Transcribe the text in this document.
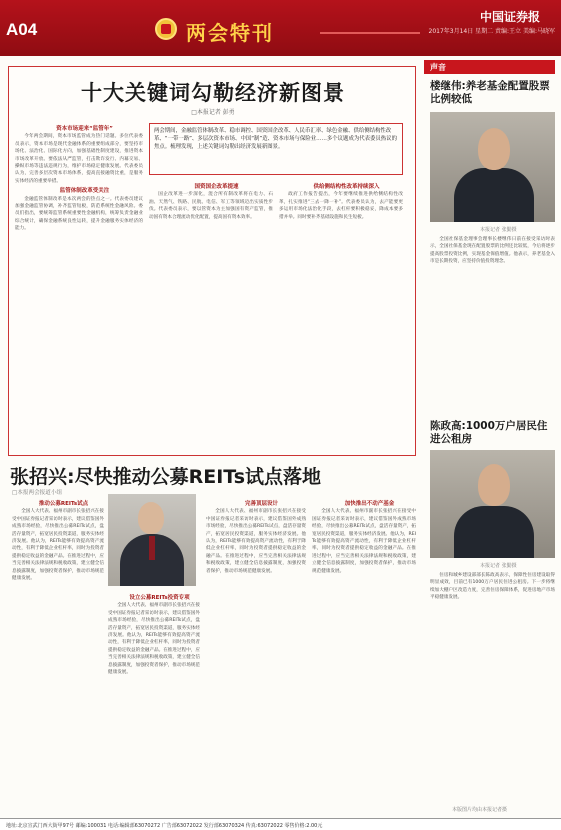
A04	两会特刊
中国证券报
2017年3月14日 星期二 责编:王立 美编:马晓军
十大关键词勾勒经济新图景
□本报记者 彭勇
两会期间，金融监管体制改革、稳市调控、国资国企改革、人民币汇率、绿色金融、供给侧结构性改革、“一带一路”、多层次资本市场、中国“制”造、资本市场与保险业……多个议题成为代表委员热议的焦点。梳理发现，上述关键词勾勒出经济发展新图景。

资本市场迎来“监管年”

今年两会期间，资本市场监管成为热门话题。多位代表委员表示，资本市场是现代金融体系的重要组成部分，要坚持市场化、法治化、国际化方向，加强基础性制度建设，推进资本市场改革开放。要依法从严监管，打击欺诈发行、内幕交易、操纵市场等违法违规行为，维护市场稳定健康发展。代表委员认为，完善多层次资本市场体系，提高直接融资比重，是服务实体经济的重要举措。

监管体制改革受关注

金融监管体制改革是本次两会的热点之一。代表委员建议加强金融监管协调，补齐监管短板，防范系统性金融风险。委员们指出，要统筹监管系统重要性金融机构，统筹负责金融业综合统计，确保金融系统良性运转，提升金融服务实体经济的能力。

国资国企改革提速

国企改革进一步深化，混合所有制改革将在电力、石油、天然气、铁路、民航、电信、军工等领域迈出实质性步伐。代表委员表示，要以管资本为主加强国有资产监管，推动国有资本合理流动优化配置，提高国有资本效率。

供给侧结构性改革持续深入

政府工作报告提出，今年要继续推进供给侧结构性改革，扎实推进“三去一降一补”。代表委员认为，去产能要更多运用市场化法治化手段，去杠杆要积极稳妥，降成本要多措并举。同时要补齐基础设施和民生短板。

张招兴:尽快推动公募REITs试点落地
□本报两会报道小组

推动公募REITs试点

全国人大代表、福州市副市长张招兴在接受中国证券报记者采访时表示，建议借鉴国外成熟市场经验，尽快推出公募REITs试点，盘活存量资产，拓宽居民投资渠道，服务实体经济发展。他认为，REITs能够有效提高资产流动性，有利于降低企业杠杆率，同时为投资者提供稳定收益的金融产品。在推进过程中，应当完善相关法律法规和税收政策，建立健全信息披露制度，加强投资者保护，推动市场规范健康发展。

设立公募REITs投资专项

全国人大代表、福州市副市长张招兴在接受中国证券报记者采访时表示，建议借鉴国外成熟市场经验，尽快推出公募REITs试点，盘活存量资产，拓宽居民投资渠道，服务实体经济发展。他认为，REITs能够有效提高资产流动性，有利于降低企业杠杆率，同时为投资者提供稳定收益的金融产品。在推进过程中，应当完善相关法律法规和税收政策，建立健全信息披露制度，加强投资者保护，推动市场规范健康发展。

完善顶层设计

全国人大代表、福州市副市长张招兴在接受中国证券报记者采访时表示，建议借鉴国外成熟市场经验，尽快推出公募REITs试点，盘活存量资产，拓宽居民投资渠道，服务实体经济发展。他认为，REITs能够有效提高资产流动性，有利于降低企业杠杆率，同时为投资者提供稳定收益的金融产品。在推进过程中，应当完善相关法律法规和税收政策，建立健全信息披露制度，加强投资者保护，推动市场规范健康发展。

加快推出不动产基金

全国人大代表、福州市副市长张招兴在接受中国证券报记者采访时表示，建议借鉴国外成熟市场经验，尽快推出公募REITs试点，盘活存量资产，拓宽居民投资渠道，服务实体经济发展。他认为，REITs能够有效提高资产流动性，有利于降低企业杠杆率，同时为投资者提供稳定收益的金融产品。在推进过程中，应当完善相关法律法规和税收政策，建立健全信息披露制度，加强投资者保护，推动市场规范健康发展。

声音
楼继伟:养老基金配置股票比例较低
本报记者 张勤摄

全国社保基金理事会理事长楼继伟日前在接受采访时表示，全国社保基金现在配置股票的比例还比较低，今后将逐步提高股票投资比例，实现基金保值增值。他表示，养老基金入市是长期投资，应坚持价值投资理念。

陈政高:1000万户居民住进公租房
本报记者 张勤摄

住房和城乡建设部部长陈政高表示，保障性住房建设取得明显成效，目前已有1000万户居民住进公租房。下一步将继续加大棚户区改造力度，完善住房保障体系，促进房地产市场平稳健康发展。

本版图片均由本报记者摄
地址:北京宣武门西大街甲97号 邮编:100031 电话:编辑部63070272 广告部63072022 发行部63070324 传真:63072022 零售价格:2.00元
